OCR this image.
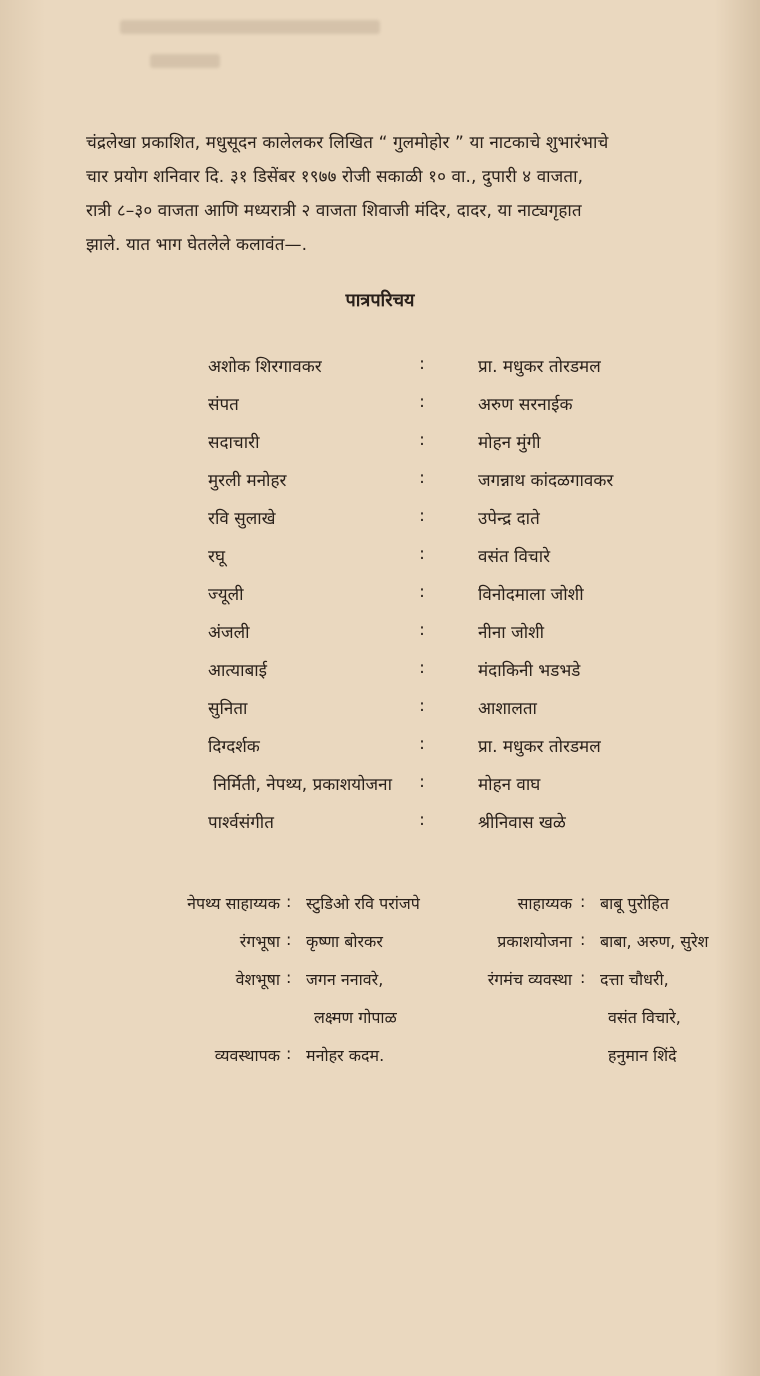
चंद्रलेखा प्रकाशित, मधुसूदन कालेलकर लिखित “ गुलमोहोर ” या नाटकाचे शुभारंभाचे
चार प्रयोग शनिवार दि. ३१ डिसेंबर १९७७ रोजी सकाळी १० वा., दुपारी ४ वाजता,
रात्री ८–३० वाजता आणि मध्यरात्री २ वाजता शिवाजी मंदिर, दादर, या नाट्यगृहात
झाले. यात भाग घेतलेले कलावंत—.

पात्रपरिचय
अशोक शिरगावकर	:	प्रा. मधुकर तोरडमल
संपत	:	अरुण सरनाईक
सदाचारी	:	मोहन मुंगी
मुरली मनोहर	:	जगन्नाथ कांदळगावकर
रवि सुलाखे	:	उपेन्द्र दाते
रघू	:	वसंत विचारे
ज्यूली	:	विनोदमाला जोशी
अंजली	:	नीना जोशी
आत्याबाई	:	मंदाकिनी भडभडे
सुनिता	:	आशालता
दिग्दर्शक	:	प्रा. मधुकर तोरडमल
निर्मिती, नेपथ्य, प्रकाशयोजना :	मोहन वाघ
पार्श्वसंगीत	:	श्रीनिवास खळे
नेपथ्य साहाय्यक : स्टुडिओ रवि परांजपे	साहाय्यक : बाबू पुरोहित
रंगभूषा : कृष्णा बोरकर	प्रकाशयोजना : बाबा, अरुण, सुरेश
वेशभूषा : जगन ननावरे,	रंगमंच व्यवस्था : दत्ता चौधरी,
लक्ष्मण गोपाळ	वसंत विचारे,
व्यवस्थापक : मनोहर कदम.	हनुमान शिंदे
